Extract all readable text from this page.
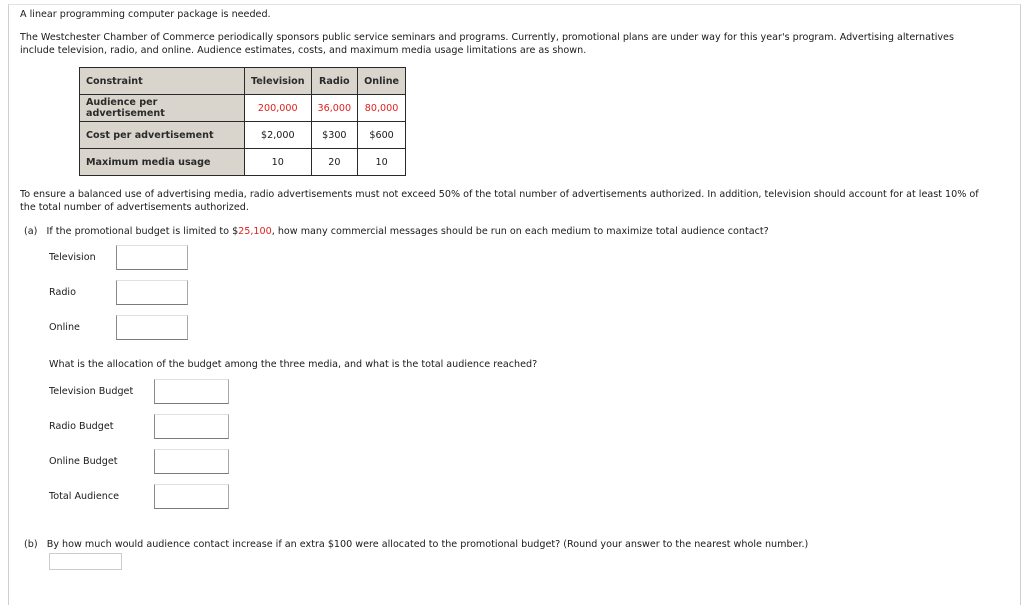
A linear programming computer package is needed.
The Westchester Chamber of Commerce periodically sponsors public service seminars and programs. Currently, promotional plans are under way for this year's program. Advertising alternatives
include television, radio, and online. Audience estimates, costs, and maximum media usage limitations are as shown.
Constraint	Television	Radio	Online
Audience per advertisement	200,000	36,000	80,000
Cost per advertisement	$2,000	$300	$600
Maximum media usage	10	20	10
To ensure a balanced use of advertising media, radio advertisements must not exceed 50% of the total number of advertisements authorized. In addition, television should account for at least 10% of
the total number of advertisements authorized.
(a) If the promotional budget is limited to $25,100, how many commercial messages should be run on each medium to maximize total audience contact?
Television
Radio
Online
What is the allocation of the budget among the three media, and what is the total audience reached?
Television Budget
Radio Budget
Online Budget
Total Audience
(b) By how much would audience contact increase if an extra $100 were allocated to the promotional budget? (Round your answer to the nearest whole number.)
